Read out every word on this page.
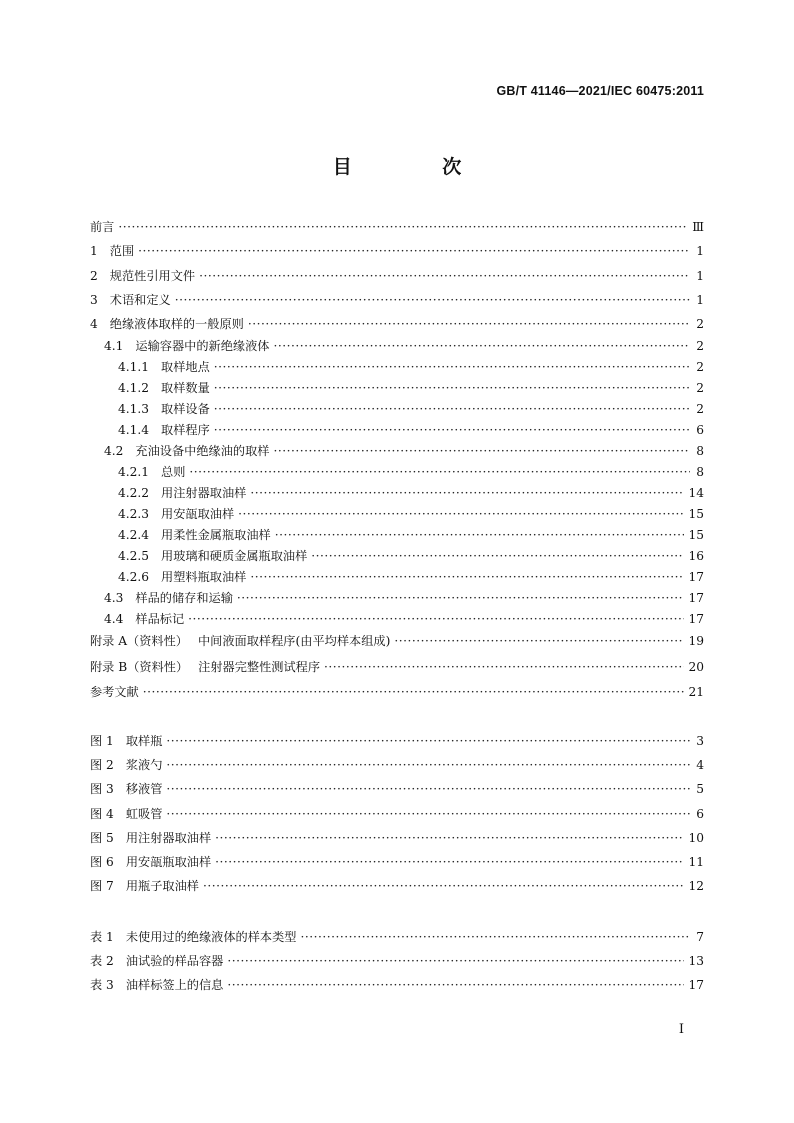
GB/T 41146—2021/IEC 60475:2011
目 次
前言 ·····	Ⅲ
1 范围 ·····	1
2 规范性引用文件 ·····	1
3 术语和定义 ·····	1
4 绝缘液体取样的一般原则 ·····	2
4.1 运输容器中的新绝缘液体 ·····	2
4.1.1 取样地点 ·····	2
4.1.2 取样数量 ·····	2
4.1.3 取样设备 ·····	2
4.1.4 取样程序 ·····	6
4.2 充油设备中绝缘油的取样 ·····	8
4.2.1 总则 ·····	8
4.2.2 用注射器取油样 ·····	14
4.2.3 用安瓿取油样 ·····	15
4.2.4 用柔性金属瓶取油样 ·····	15
4.2.5 用玻璃和硬质金属瓶取油样 ·····	16
4.2.6 用塑料瓶取油样 ·····	17
4.3 样品的储存和运输 ·····	17
4.4 样品标记 ·····	17
附录 A（资料性） 中间液面取样程序(由平均样本组成) ·····	19
附录 B（资料性） 注射器完整性测试程序 ·····	20
参考文献 ·····	21
图 1 取样瓶 ·····	3
图 2 浆液勺 ·····	4
图 3 移液管 ·····	5
图 4 虹吸管 ·····	6
图 5 用注射器取油样 ·····	10
图 6 用安瓿瓶取油样 ·····	11
图 7 用瓶子取油样 ·····	12
表 1 未使用过的绝缘液体的样本类型 ·····	7
表 2 油试验的样品容器 ·····	13
表 3 油样标签上的信息 ·····	17
I
